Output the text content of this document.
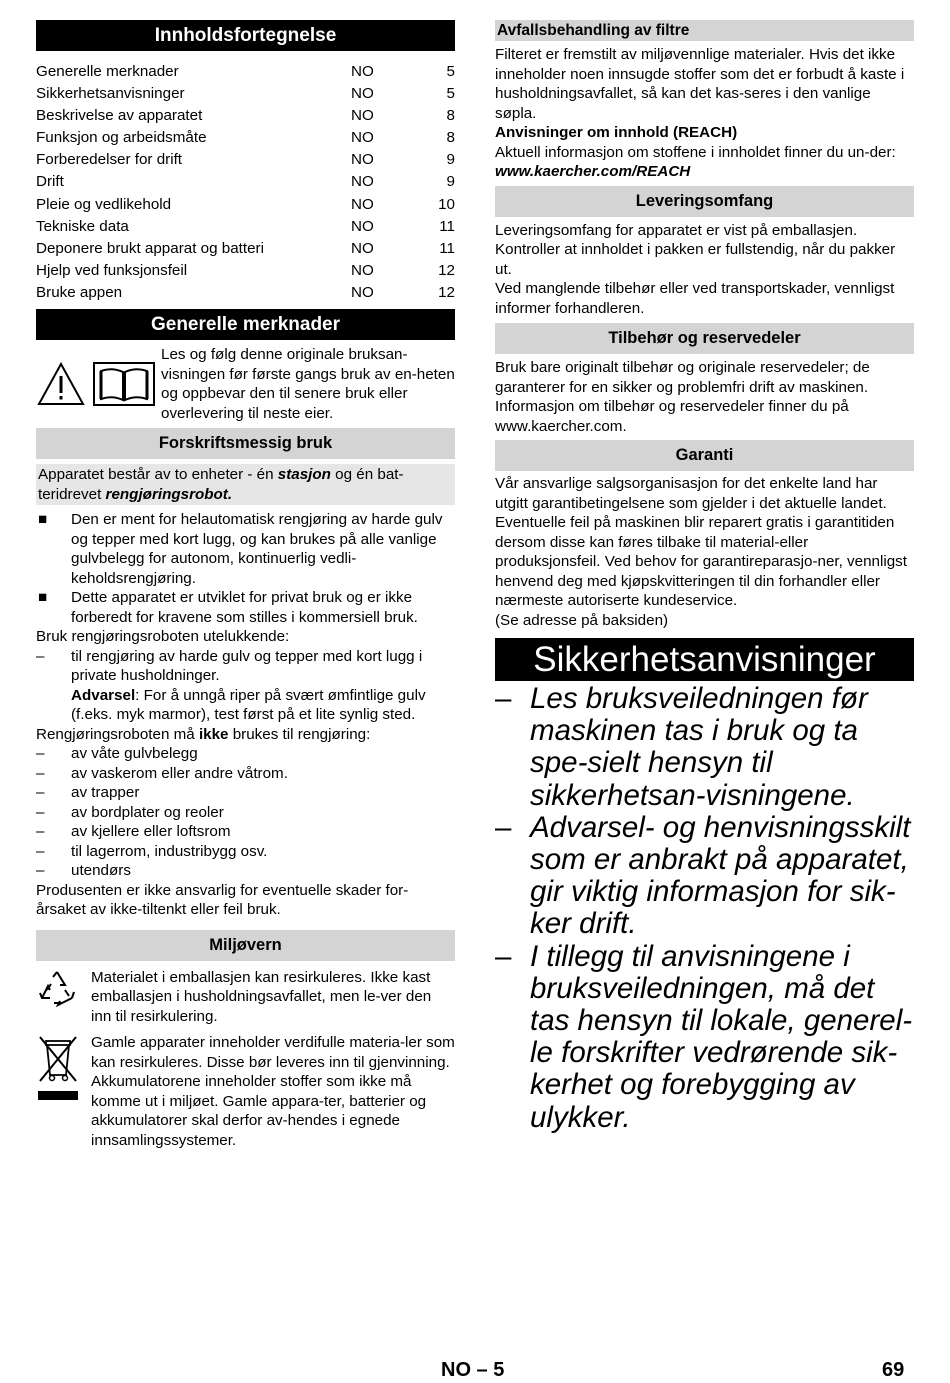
Innholdsfortegnelse
Generelle merknader	NO	5
Sikkerhetsanvisninger	NO	5
Beskrivelse av apparatet	NO	8
Funksjon og arbeidsmåte	NO	8
Forberedelser for drift	NO	9
Drift	NO	9
Pleie og vedlikehold	NO	10
Tekniske data	NO	11
Deponere brukt apparat og batteri	NO	11
Hjelp ved funksjonsfeil	NO	12
Bruke appen	NO	12
Generelle merknader
Les og følg denne originale bruksan-visningen før første gangs bruk av en-heten og oppbevar den til senere bruk eller overlevering til neste eier.
Forskriftsmessig bruk
Apparatet består av to enheter - én stasjon og én bat-teridrevet rengjøringsrobot.
■	Den er ment for helautomatisk rengjøring av harde gulv og tepper med kort lugg, og kan brukes på alle vanlige gulvbelegg for autonom, kontinuerlig vedli-keholdsrengjøring.
■	Dette apparatet er utviklet for privat bruk og er ikke forberedt for kravene som stilles i kommersiell bruk.
Bruk rengjøringsroboten utelukkende:
–	til rengjøring av harde gulv og tepper med kort lugg i private husholdninger.
Advarsel: For å unngå riper på svært ømfintlige gulv (f.eks. myk marmor), test først på et lite synlig sted.
Rengjøringsroboten må ikke brukes til rengjøring:
–	av våte gulvbelegg
–	av vaskerom eller andre våtrom.
–	av trapper
–	av bordplater og reoler
–	av kjellere eller loftsrom
–	til lagerrom, industribygg osv.
–	utendørs
Produsenten er ikke ansvarlig for eventuelle skader for-årsaket av ikke-tiltenkt eller feil bruk.
Miljøvern
Materialet i emballasjen kan resirkuleres. Ikke kast emballasjen i husholdningsavfallet, men le-ver den inn til resirkulering.
Gamle apparater inneholder verdifulle materia-ler som kan resirkuleres. Disse bør leveres inn til gjenvinning. Akkumulatorene inneholder stoffer som ikke må komme ut i miljøet. Gamle appara-ter, batterier og akkumulatorer skal derfor av-hendes i egnede innsamlingssystemer.
Avfallsbehandling av filtre
Filteret er fremstilt av miljøvennlige materialer. Hvis det ikke inneholder noen innsugde stoffer som det er forbudt å kaste i husholdningsavfallet, så kan det kas-seres i den vanlige søpla.
Anvisninger om innhold (REACH)
Aktuell informasjon om stoffene i innholdet finner du un-der:
www.kaercher.com/REACH
Leveringsomfang
Leveringsomfang for apparatet er vist på emballasjen. Kontroller at innholdet i pakken er fullstendig, når du pakker ut.
Ved manglende tilbehør eller ved transportskader, vennligst informer forhandleren.
Tilbehør og reservedeler
Bruk bare originalt tilbehør og originale reservedeler; de garanterer for en sikker og problemfri drift av maskinen. Informasjon om tilbehør og reservedeler finner du på www.kaercher.com.
Garanti
Vår ansvarlige salgsorganisasjon for det enkelte land har utgitt garantibetingelsene som gjelder i det aktuelle landet. Eventuelle feil på maskinen blir reparert gratis i garantitiden dersom disse kan føres tilbake til material-eller produksjonsfeil. Ved behov for garantireparasjo-ner, vennligst henvend deg med kjøpskvitteringen til din forhandler eller nærmeste autoriserte kundeservice.
(Se adresse på baksiden)
Sikkerhetsanvisninger
– Les bruksveiledningen før maskinen tas i bruk og ta spe-sielt hensyn til sikkerhetsan-visningene.
– Advarsel- og henvisningsskilt som er anbrakt på apparatet, gir viktig informasjon for sik-ker drift.
– I tillegg til anvisningene i bruksveiledningen, må det tas hensyn til lokale, generel-le forskrifter vedrørende sik-kerhet og forebygging av ulykker.
NO – 5	69
